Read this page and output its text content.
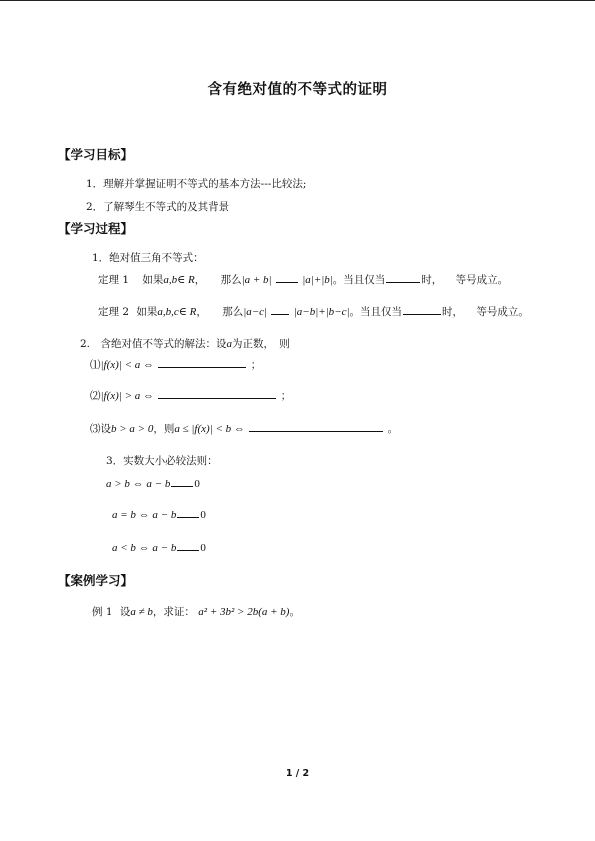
含有绝对值的不等式的证明
【学习目标】
1．理解并掌握证明不等式的基本方法---比较法;
2．了解琴生不等式的及其背景
【学习过程】
1．绝对值三角不等式：
定理 1 如果a,b∈ R， 那么|a + b|	|a|+|b|。当且仅当	时， 等号成立。
定理 2 如果a,b,c∈ R， 那么|a−c| |a−b|+|b−c|。当且仅当	时， 等号成立。
2.　含绝对值不等式的解法：设a为正数，　则
⑴|f(x)| < a ⇔	；
⑵|f(x)| > a ⇔	；
⑶设b > a > 0，则a ≤ |f(x)| < b ⇔	。
3．实数大小必较法则：
a > b ⇔ a − b 0
a = b ⇔ a − b 0
a < b ⇔ a − b 0
【案例学习】
例 1 设a ≠ b，求证： a² + 3b² > 2b(a + b)。
1 / 2
